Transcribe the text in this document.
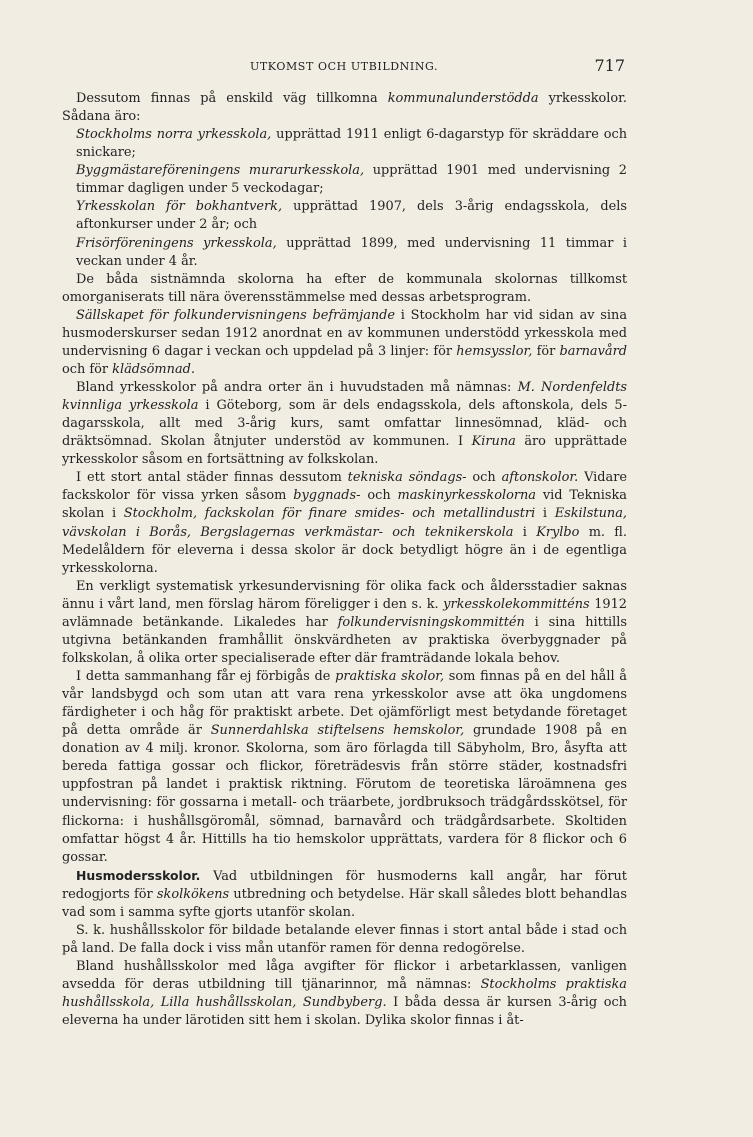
UTKOMST OCH UTBILDNING.	717

Dessutom finnas på enskild väg tillkomna kommunalunderstödda yrkesskolor. Sådana äro:

Stockholms norra yrkesskola, upprättad 1911 enligt 6-dagarstyp för skräddare och snickare;

Byggmästareföreningens murarurkesskola, upprättad 1901 med undervisning 2 timmar dagligen under 5 veckodagar;

Yrkesskolan för bokhantverk, upprättad 1907, dels 3-årig endagsskola, dels aftonkurser under 2 år; och

Frisörföreningens yrkesskola, upprättad 1899, med undervisning 11 timmar i veckan under 4 år.

De båda sistnämnda skolorna ha efter de kommunala skolornas tillkomst omorganiserats till nära överensstämmelse med dessas arbetsprogram.

Sällskapet för folkundervisningens befrämjande i Stockholm har vid sidan av sina husmoderskurser sedan 1912 anordnat en av kommunen understödd yrkesskola med undervisning 6 dagar i veckan och uppdelad på 3 linjer: för hemsysslor, för barnavård och för klädsömnad.

Bland yrkesskolor på andra orter än i huvudstaden må nämnas: M. Nordenfeldts kvinnliga yrkesskola i Göteborg, som är dels endagsskola, dels aftonskola, dels 5-dagarsskola, allt med 3-årig kurs, samt omfattar linnesömnad, kläd- och dräktsömnad. Skolan åtnjuter understöd av kommunen. I Kiruna äro upprättade yrkesskolor såsom en fortsättning av folkskolan.

I ett stort antal städer finnas dessutom tekniska söndags- och aftonskolor. Vidare fackskolor för vissa yrken såsom byggnads- och maskinyrkesskolorna vid Tekniska skolan i Stockholm, fackskolan för finare smides- och metallindustri i Eskilstuna, vävskolan i Borås, Bergslagernas verkmästar- och teknikerskola i Krylbo m. fl. Medelåldern för eleverna i dessa skolor är dock betydligt högre än i de egentliga yrkesskolorna.

En verkligt systematisk yrkesundervisning för olika fack och åldersstadier saknas ännu i vårt land, men förslag härom föreligger i den s. k. yrkesskolekommitténs 1912 avlämnade betänkande. Likaledes har folkundervisningskommittén i sina hittills utgivna betänkanden framhållit önskvärdheten av praktiska överbyggnader på folkskolan, å olika orter specialiserade efter där framträdande lokala behov.

I detta sammanhang får ej förbigås de praktiska skolor, som finnas på en del håll å vår landsbygd och som utan att vara rena yrkesskolor avse att öka ungdomens färdigheter i och håg för praktiskt arbete. Det ojämförligt mest betydande företaget på detta område är Sunnerdahlska stiftelsens hemskolor, grundade 1908 på en donation av 4 milj. kronor. Skolorna, som äro förlagda till Säbyholm, Bro, åsyfta att bereda fattiga gossar och flickor, företrädesvis från större städer, kostnadsfri uppfostran på landet i praktisk riktning. Förutom de teoretiska läroämnena ges undervisning: för gossarna i metall- och träarbete, jordbruksoch trädgårdsskötsel, för flickorna: i hushållsgöromål, sömnad, barnavård och trädgårdsarbete. Skoltiden omfattar högst 4 år. Hittills ha tio hemskolor upprättats, vardera för 8 flickor och 6 gossar.

Husmodersskolor. Vad utbildningen för husmoderns kall angår, har förut redogjorts för skolkökens utbredning och betydelse. Här skall således blott behandlas vad som i samma syfte gjorts utanför skolan.

S. k. hushållsskolor för bildade betalande elever finnas i stort antal både i stad och på land. De falla dock i viss mån utanför ramen för denna redogörelse.

Bland hushållsskolor med låga avgifter för flickor i arbetarklassen, vanligen avsedda för deras utbildning till tjänarinnor, må nämnas: Stockholms praktiska hushållsskola, Lilla hushållsskolan, Sundbyberg. I båda dessa är kursen 3-årig och eleverna ha under lärotiden sitt hem i skolan. Dylika skolor finnas i åt-
